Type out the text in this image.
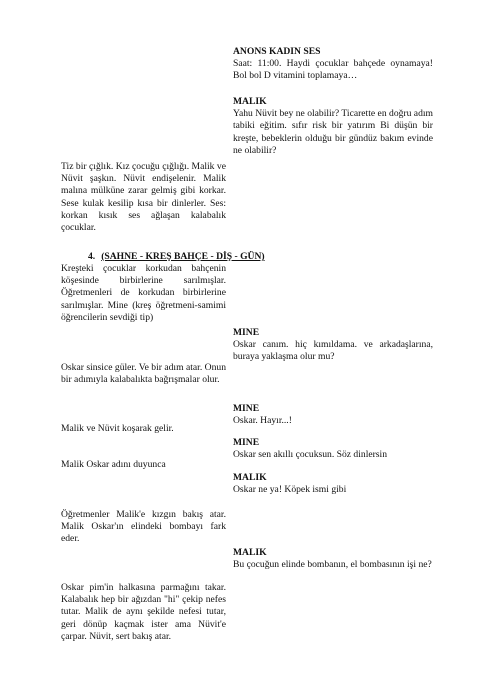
ANONS KADIN SES
Saat: 11:00. Haydi çocuklar bahçede oynamaya! Bol bol D vitamini toplamaya…
MALIK
Yahu Nüvit bey ne olabilir? Ticarette en doğru adım tabiki eğitim. sıfır risk bir yatırım Bi düşün bir kreşte, bebeklerin olduğu bir gündüz bakım evinde ne olabilir?
MINE
Oskar canım. hiç kımıldama. ve arkadaşlarına, buraya yaklaşma olur mu?
MINE
Oskar. Hayır...!
MINE
Oskar sen akıllı çocuksun. Söz dinlersin
MALIK
Oskar ne ya! Köpek ismi gibi
MALIK
Bu çocuğun elinde bombanın, el bombasının işi ne?
Tiz bir çığlık. Kız çocuğu çığlığı. Malik ve Nüvit şaşkın. Nüvit endişelenir. Malik malına mülküne zarar gelmiş gibi korkar. Sese kulak kesilip kısa bir dinlerler. Ses: korkan kısık ses ağlaşan kalabalık çocuklar.
4. (SAHNE - KREŞ BAHÇE - DİŞ - GÜN)
Kreşteki çocuklar korkudan bahçenin köşesinde birbirlerine sarılmışlar. Öğretmenleri de korkudan birbirlerine sarılmışlar. Mine (kreş öğretmeni-samimi öğrencilerin sevdiği tip)
Oskar sinsice güler. Ve bir adım atar. Onun bir adımıyla kalabalıkta bağrışmalar olur.
Malik ve Nüvit koşarak gelir.
Malik Oskar adını duyunca
Öğretmenler Malik'e kızgın bakış atar. Malik Oskar'ın elindeki bombayı fark eder.
Oskar pim'in halkasına parmağını takar. Kalabalık hep bir ağızdan "hi" çekip nefes tutar. Malik de aynı şekilde nefesi tutar, geri dönüp kaçmak ister ama Nüvit'e çarpar. Nüvit, sert bakış atar.
